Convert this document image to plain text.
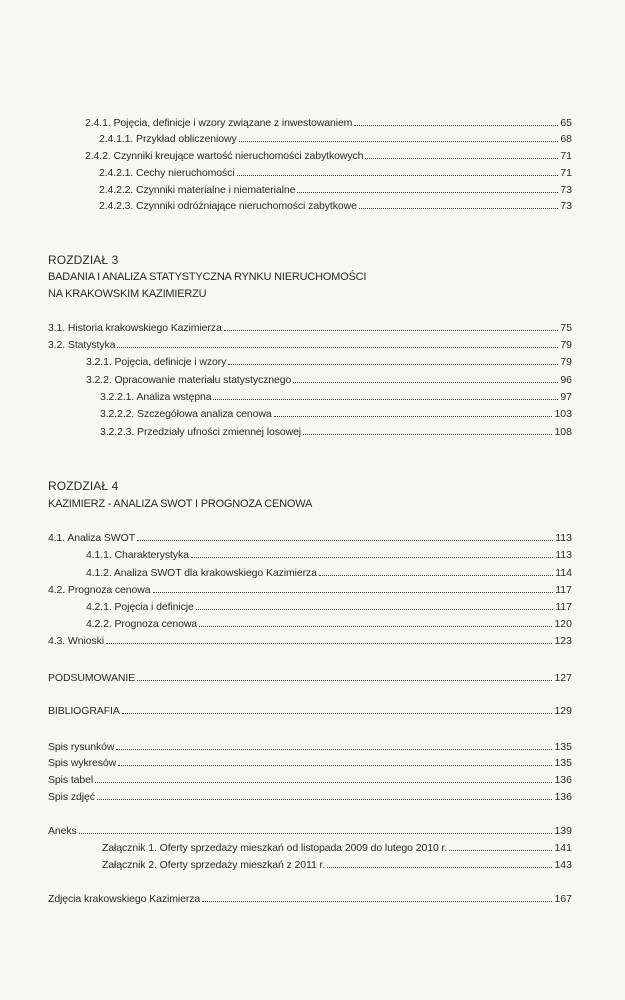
2.4.1. Pojęcia, definicje i wzory związane z inwestowaniem	65
2.4.1.1. Przykład obliczeniowy	68
2.4.2. Czynniki kreujące wartość nieruchomości zabytkowych	71
2.4.2.1. Cechy nieruchomości	71
2.4.2.2. Czynniki materialne i niematerialne	73
2.4.2.3. Czynniki odróżniające nieruchomości zabytkowe	73
ROZDZIAŁ 3
BADANIA I ANALIZA STATYSTYCZNA RYNKU NIERUCHOMOŚCI
NA KRAKOWSKIM KAZIMIERZU
3.1. Historia krakowskiego Kazimierza	75
3.2. Statystyka	79
3.2.1. Pojęcia, definicje i wzory	79
3.2.2. Opracowanie materiału statystycznego	96
3.2.2.1. Analiza wstępna	97
3.2.2.2. Szczegółowa analiza cenowa	103
3.2.2.3. Przedziały ufności zmiennej losowej	108
ROZDZIAŁ 4
KAZIMIERZ - ANALIZA SWOT I PROGNOZA CENOWA
4.1. Analiza SWOT	113
4.1.1. Charakterystyka	113
4.1.2. Analiza SWOT dla krakowskiego Kazimierza	114
4.2. Prognoza cenowa	117
4.2.1. Pojęcia i definicje	117
4.2.2. Prognoza cenowa	120
4.3. Wnioski	123
PODSUMOWANIE	127
BIBLIOGRAFIA	129
Spis rysunków	135
Spis wykresów	135
Spis tabel	136
Spis zdjęć	136
Aneks	139
Załącznik 1. Oferty sprzedaży mieszkań od listopada 2009 do lutego 2010 r.	141
Załącznik 2. Oferty sprzedaży mieszkań z 2011 r.	143
Zdjęcia krakowskiego Kazimierza	167
